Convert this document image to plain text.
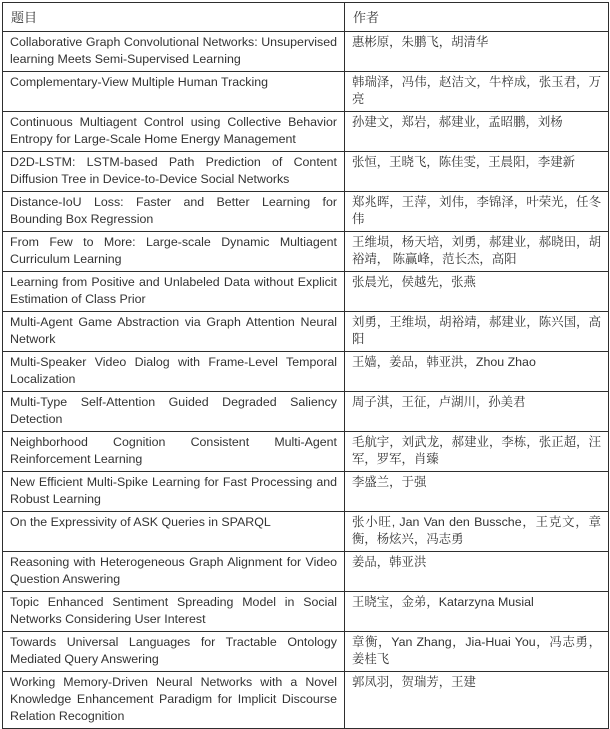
题目	作者
Collaborative Graph Convolutional Networks: Unsupervised learning Meets Semi-Supervised Learning	惠彬原，朱鹏飞，胡清华
Complementary-View Multiple Human Tracking	韩瑞泽，冯伟，赵洁文，牛梓成，张玉君，万亮
Continuous Multiagent Control using Collective Behavior Entropy for Large-Scale Home Energy Management	孙建文，郑岩，郝建业，孟昭鹏，刘杨
D2D-LSTM: LSTM-based Path Prediction of Content Diffusion Tree in Device-to-Device Social Networks	张恒，王晓飞，陈佳雯，王晨阳，李建新
Distance-IoU Loss: Faster and Better Learning for Bounding Box Regression	郑兆晖，王萍，刘伟，李锦泽，叶荣光，任冬伟
From Few to More: Large-scale Dynamic Multiagent Curriculum Learning	王维埙，杨天培，刘勇，郝建业，郝晓田，胡裕靖， 陈赢峰，范长杰，高阳
Learning from Positive and Unlabeled Data without Explicit Estimation of Class Prior	张晨光，侯越先，张燕
Multi-Agent Game Abstraction via Graph Attention Neural Network	刘勇，王维埙，胡裕靖，郝建业，陈兴国，高阳
Multi-Speaker Video Dialog with Frame-Level Temporal Localization	王嫱，姜品，韩亚洪，Zhou Zhao
Multi-Type Self-Attention Guided Degraded Saliency Detection	周子淇，王征，卢湖川，孙美君
Neighborhood Cognition Consistent Multi-Agent Reinforcement Learning	毛航宇，刘武龙，郝建业，李栋，张正超，汪军，罗军，肖臻
New Efficient Multi-Spike Learning for Fast Processing and Robust Learning	李盛兰，于强
On the Expressivity of ASK Queries in SPARQL	张小旺, Jan Van den Bussche，王克文，章衡，杨炫兴，冯志勇
Reasoning with Heterogeneous Graph Alignment for Video Question Answering	姜品，韩亚洪
Topic Enhanced Sentiment Spreading Model in Social Networks Considering User Interest	王晓宝，金弟，Katarzyna Musial
Towards Universal Languages for Tractable Ontology Mediated Query Answering	章衡，Yan Zhang，Jia-Huai You，冯志勇，姜桂飞
Working Memory-Driven Neural Networks with a Novel Knowledge Enhancement Paradigm for Implicit Discourse Relation Recognition	郭凤羽，贺瑞芳，王建
